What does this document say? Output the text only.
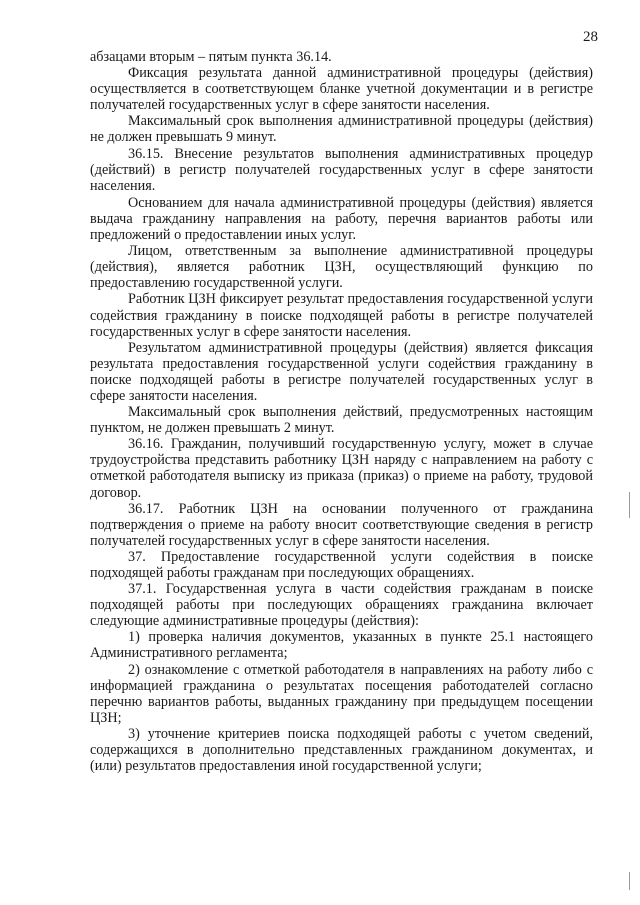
28

абзацами вторым – пятым пункта 36.14.

Фиксация результата данной административной процедуры (действия) осуществляется в соответствующем бланке учетной документации и в регистре получателей государственных услуг в сфере занятости населения.

Максимальный срок выполнения административной процедуры (действия) не должен превышать 9 минут.

36.15. Внесение результатов выполнения административных процедур (действий) в регистр получателей государственных услуг в сфере занятости населения.

Основанием для начала административной процедуры (действия) является выдача гражданину направления на работу, перечня вариантов работы или предложений о предоставлении иных услуг.

Лицом, ответственным за выполнение административной процедуры (действия), является работник ЦЗН, осуществляющий функцию по предоставлению государственной услуги.

Работник ЦЗН фиксирует результат предоставления государственной услуги содействия гражданину в поиске подходящей работы в регистре получателей государственных услуг в сфере занятости населения.

Результатом административной процедуры (действия) является фиксация результата предоставления государственной услуги содействия гражданину в поиске подходящей работы в регистре получателей государственных услуг в сфере занятости населения.

Максимальный срок выполнения действий, предусмотренных настоящим пунктом, не должен превышать 2 минут.

36.16. Гражданин, получивший государственную услугу, может в случае трудоустройства представить работнику ЦЗН наряду с направлением на работу с отметкой работодателя выписку из приказа (приказ) о приеме на работу, трудовой договор.

36.17. Работник ЦЗН на основании полученного от гражданина подтверждения о приеме на работу вносит соответствующие сведения в регистр получателей государственных услуг в сфере занятости населения.

37. Предоставление государственной услуги содействия в поиске подходящей работы гражданам при последующих обращениях.

37.1. Государственная услуга в части содействия гражданам в поиске подходящей работы при последующих обращениях гражданина включает следующие административные процедуры (действия):

1) проверка наличия документов, указанных в пункте 25.1 настоящего Административного регламента;

2) ознакомление с отметкой работодателя в направлениях на работу либо с информацией гражданина о результатах посещения работодателей согласно перечню вариантов работы, выданных гражданину при предыдущем посещении ЦЗН;

3) уточнение критериев поиска подходящей работы с учетом сведений, содержащихся в дополнительно представленных гражданином документах, и (или) результатов предоставления иной государственной услуги;
